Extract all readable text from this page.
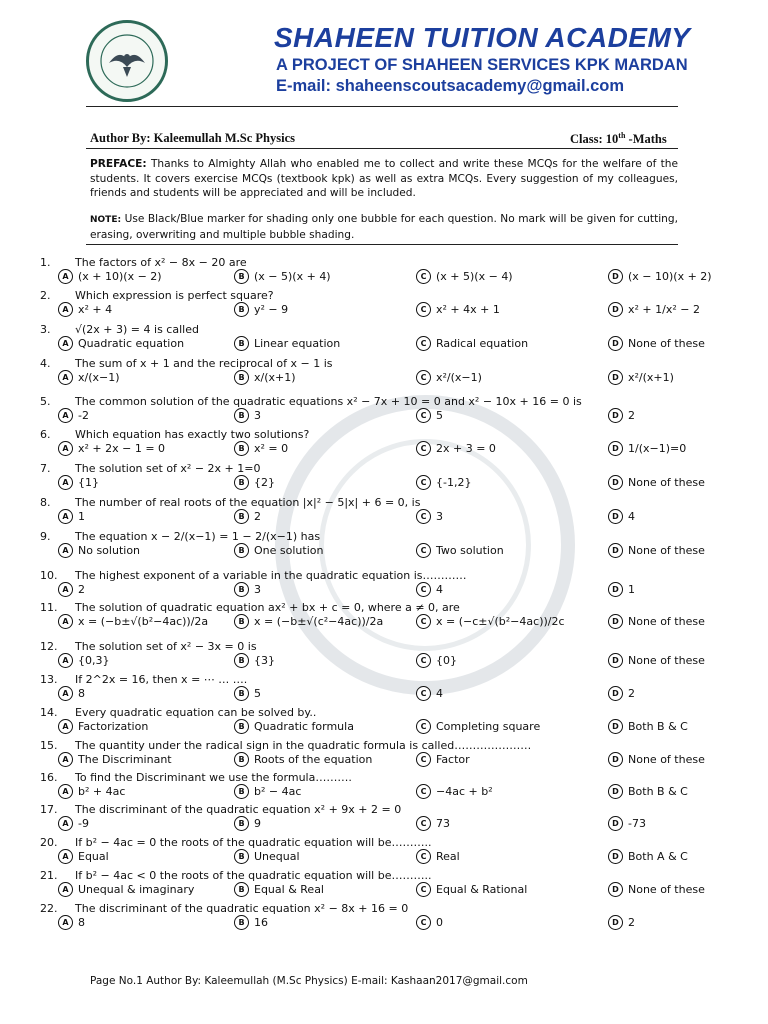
SHAHEEN TUITION ACADEMY
A PROJECT OF SHAHEEN SERVICES KPK MARDAN
E-mail: shaheenscoutsacademy@gmail.com
Author By: Kaleemullah M.Sc Physics	Class: 10th -Maths
PREFACE: Thanks to Almighty Allah who enabled me to collect and write these MCQs for the welfare of the students. It covers exercise MCQs (textbook kpk) as well as extra MCQs. Every suggestion of my colleagues, friends and students will be appreciated and will be included.
NOTE: Use Black/Blue marker for shading only one bubble for each question. No mark will be given for cutting, erasing, overwriting and multiple bubble shading.
1. The factors of x² − 8x − 20 are
A (x + 10)(x − 2)	B (x − 5)(x + 4)	C (x + 5)(x − 4)	D (x − 10)(x + 2)
2. Which expression is perfect square?
A x² + 4	B y² − 9	C x² + 4x + 1	D x² + 1/x² − 2
3. √(2x + 3) = 4 is called
A Quadratic equation	B Linear equation	C Radical equation	D None of these
4. The sum of x + 1 and the reciprocal of x − 1 is
A x/(x−1)	B x/(x+1)	C x²/(x−1)	D x²/(x+1)
5. The common solution of the quadratic equations x² − 7x + 10 = 0 and x² − 10x + 16 = 0 is
A -2	B 3	C 5	D 2
6. Which equation has exactly two solutions?
A x² + 2x − 1 = 0	B x² = 0	C 2x + 3 = 0	D 1/(x−1)=0
7. The solution set of x² − 2x + 1=0
A {1}	B {2}	C {-1,2}	D None of these
8. The number of real roots of the equation |x|² − 5|x| + 6 = 0, is
A 1	B 2	C 3	D 4
9. The equation x − 2/(x−1) = 1 − 2/(x−1) has
A No solution	B One solution	C Two solution	D None of these
10. The highest exponent of a variable in the quadratic equation is…………
A 2	B 3	C 4	D 1
11. The solution of quadratic equation ax² + bx + c = 0, where a ≠ 0, are
A x = (−b±√(b²−4ac))/2a	B x = (−b±√(c²−4ac))/2a	C x = (−c±√(b²−4ac))/2c	D None of these
12. The solution set of x² − 3x = 0 is
A {0,3}	B {3}	C {0}	D None of these
13. If 2^2x = 16, then x = ⋯ … ….
A 8	B 5	C 4	D 2
14. Every quadratic equation can be solved by..
A Factorization	B Quadratic formula	C Completing square	D Both B & C
15. The quantity under the radical sign in the quadratic formula is called…………………
A The Discriminant	B Roots of the equation	C Factor	D None of these
16. To find the Discriminant we use the formula……….
A b² + 4ac	B b² − 4ac	C −4ac + b²	D Both B & C
17. The discriminant of the quadratic equation x² + 9x + 2 = 0
A -9	B 9	C 73	D -73
20. If b² − 4ac = 0 the roots of the quadratic equation will be………..
A Equal	B Unequal	C Real	D Both A & C
21. If b² − 4ac < 0 the roots of the quadratic equation will be………..
A Unequal & imaginary	B Equal & Real	C Equal & Rational	D None of these
22. The discriminant of the quadratic equation x² − 8x + 16 = 0
A 8	B 16	C 0	D 2
Page No.1 Author By: Kaleemullah (M.Sc Physics) E-mail: Kashaan2017@gmail.com
